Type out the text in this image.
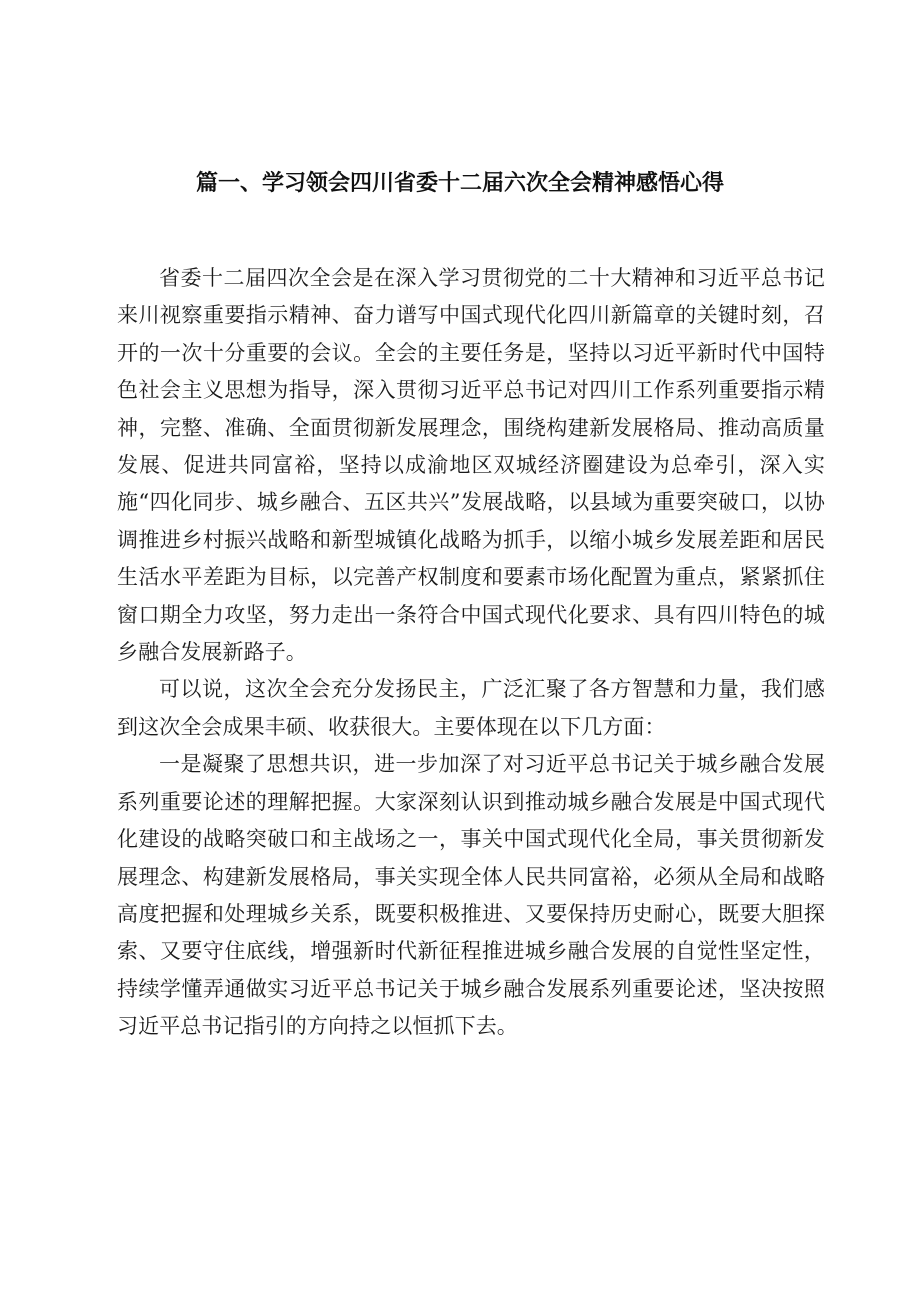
篇一、学习领会四川省委十二届六次全会精神感悟心得

省委十二届四次全会是在深入学习贯彻党的二十大精神和习近平总书记来川视察重要指示精神、奋力谱写中国式现代化四川新篇章的关键时刻，召开的一次十分重要的会议。全会的主要任务是，坚持以习近平新时代中国特色社会主义思想为指导，深入贯彻习近平总书记对四川工作系列重要指示精神，完整、准确、全面贯彻新发展理念，围绕构建新发展格局、推动高质量发展、促进共同富裕，坚持以成渝地区双城经济圈建设为总牵引，深入实施“四化同步、城乡融合、五区共兴”发展战略，以县域为重要突破口，以协调推进乡村振兴战略和新型城镇化战略为抓手，以缩小城乡发展差距和居民生活水平差距为目标，以完善产权制度和要素市场化配置为重点，紧紧抓住窗口期全力攻坚，努力走出一条符合中国式现代化要求、具有四川特色的城乡融合发展新路子。

可以说，这次全会充分发扬民主，广泛汇聚了各方智慧和力量，我们感到这次全会成果丰硕、收获很大。主要体现在以下几方面：

一是凝聚了思想共识，进一步加深了对习近平总书记关于城乡融合发展系列重要论述的理解把握。大家深刻认识到推动城乡融合发展是中国式现代化建设的战略突破口和主战场之一，事关中国式现代化全局，事关贯彻新发展理念、构建新发展格局，事关实现全体人民共同富裕，必须从全局和战略高度把握和处理城乡关系，既要积极推进、又要保持历史耐心，既要大胆探索、又要守住底线，增强新时代新征程推进城乡融合发展的自觉性坚定性，持续学懂弄通做实习近平总书记关于城乡融合发展系列重要论述，坚决按照习近平总书记指引的方向持之以恒抓下去。
